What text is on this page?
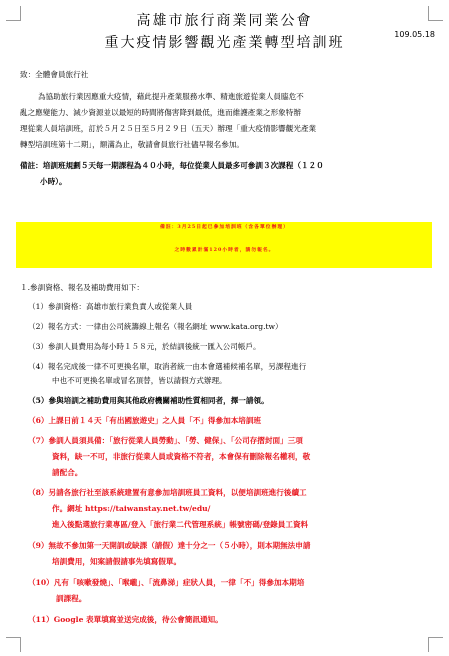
高雄市旅行商業同業公會
重大疫情影響觀光產業轉型培訓班
109.05.18
致：全體會員旅行社
為協助旅行業因應重大疫情，藉此提升產業服務水準、精進旅遊從業人員臨危不
亂之應變能力、減少資源並以最短的時間將傷害降到最低，進而維護產業之形象特辦
理從業人員培訓班，訂於５月２５日至５月２９日（五天）辦理「重大疫情影響觀光產業
轉型培訓班第十二期」，額滿為止，敬請會員旅行社儘早報名參加。
備註：培訓班規劃５天每一期課程為４０小時，每位從業人員最多可參訓３次課程（１２０
小時）。
備註：3月25日起已參加培訓班（含各單位辦理）
之時數累計滿120小時者，請勿報名。
１.參訓資格、報名及補助費用如下：
（1）參訓資格：高雄市旅行業負責人或從業人員
（2）報名方式：一律由公司統籌線上報名（報名網址 www.kata.org.tw）
（3）參訓人員費用為每小時１５８元，於結訓後統一匯入公司帳戶。
（4）報名完成後一律不可更換名單，取消者統一由本會選補候補名單，另課程進行
中也不可更換名單或冒名頂替，皆以請假方式辦理。
（5）參與培訓之補助費用與其他政府機關補助性質相同者，擇一請領。
（6）上課日前１４天「有出國旅遊史」之人員「不」得參加本培訓班
（7）參訓人員須具備：「旅行從業人員勞動」、「勞、健保」、「公司存摺封面」三項
資料，缺一不可，非旅行從業人員或資格不符者，本會保有刪除報名權利，敬
請配合。
（8）另請各旅行社至該系統建置有意參加培訓班員工資料，以便培訓班進行後續工
作。網址 https://taiwanstay.net.tw/edu/
進入後點選旅行業專區/登入「旅行業二代管理系統」帳號密碼/登錄員工資料
（9）無故不參加第一天開訓或缺課（請假）達十分之一（５小時），則本期無法申請
培訓費用，知案請假請事先填寫假單。
（10）凡有「咳嗽發燒」、「喉嚨」、「流鼻涕」症狀人員，一律「不」得參加本期培
訓課程。
（11）Google 表單填寫並送完成後，待公會簡訊通知。
